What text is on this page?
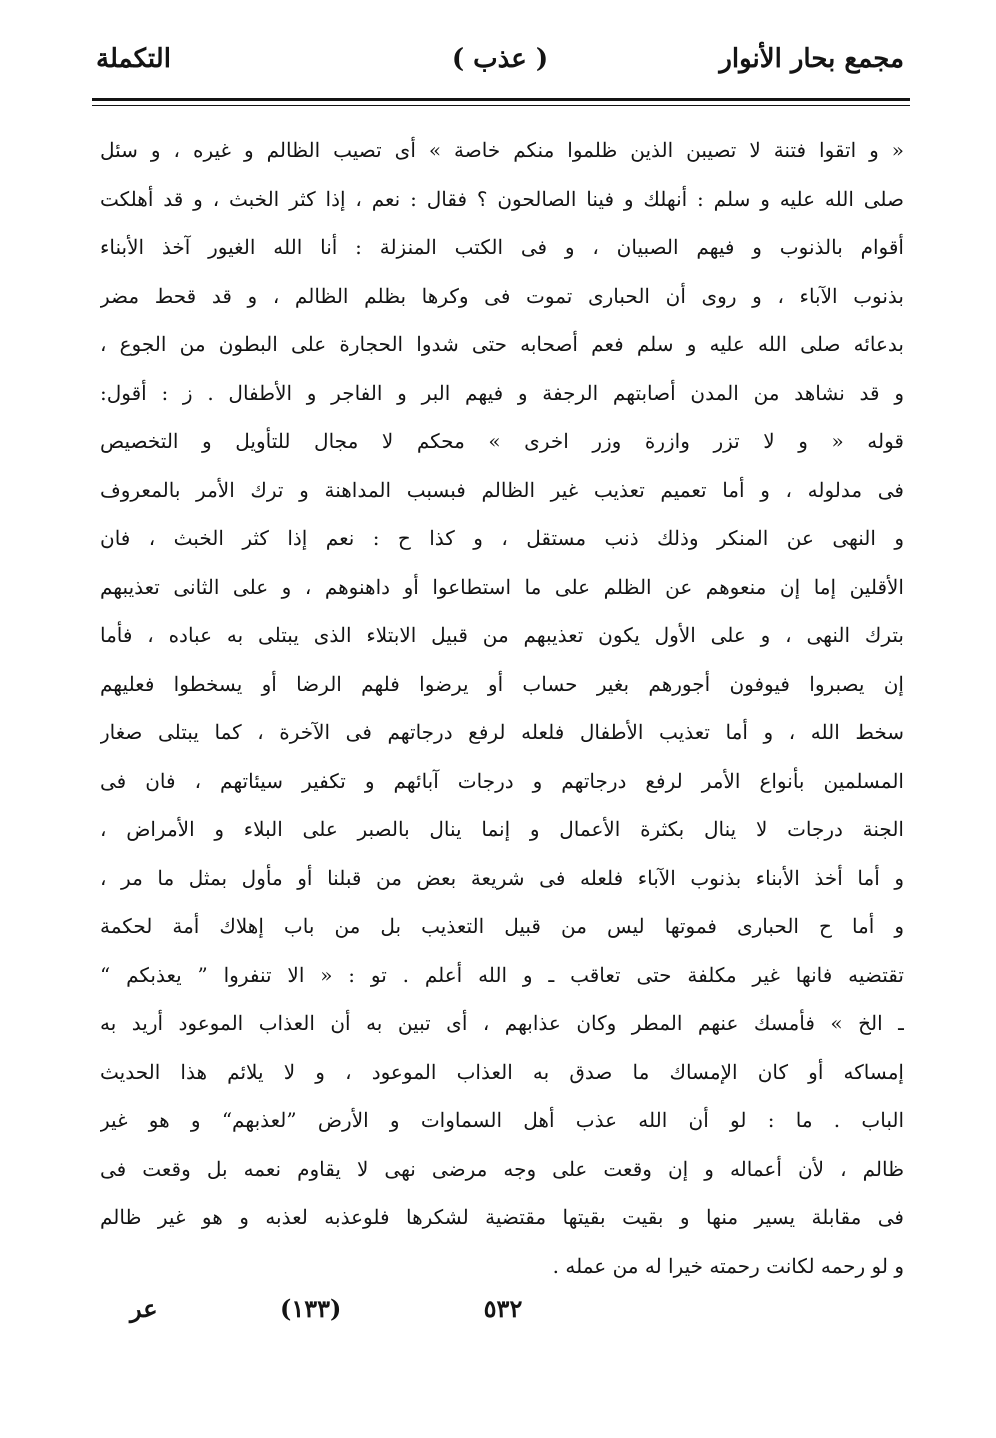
مجمع بحار الأنوار
( عذب )
التكملة
« و اتقوا فتنة لا تصيبن الذين ظلموا منكم خاصة » أى تصيب الظالم و غيره ، و سئل
صلى الله عليه و سلم : أنهلك و فينا الصالحون ؟ فقال : نعم ، إذا كثر الخبث ، و قد أهلكت
أقوام بالذنوب و فيهم الصبيان ، و فى الكتب المنزلة : أنا الله الغيور آخذ الأبناء
بذنوب الآباء ، و روى أن الحبارى تموت فى وكرها بظلم الظالم ، و قد قحط مضر
بدعائه صلى الله عليه و سلم فعم أصحابه حتى شدوا الحجارة على البطون من الجوع ،
و قد نشاهد من المدن أصابتهم الرجفة و فيهم البر و الفاجر و الأطفال . ز : أقول:
قوله « و لا تزر وازرة وزر اخرى » محكم لا مجال للتأويل و التخصيص
فى مدلوله ، و أما تعميم تعذيب غير الظالم فبسبب المداهنة و ترك الأمر بالمعروف
و النهى عن المنكر وذلك ذنب مستقل ، و كذا ح : نعم إذا كثر الخبث ، فان
الأقلين إما إن منعوهم عن الظلم على ما استطاعوا أو داهنوهم ، و على الثانى تعذيبهم
بترك النهى ، و على الأول يكون تعذيبهم من قبيل الابتلاء الذى يبتلى به عباده ، فأما
إن يصبروا فيوفون أجورهم بغير حساب أو يرضوا فلهم الرضا أو يسخطوا فعليهم
سخط الله ، و أما تعذيب الأطفال فلعله لرفع درجاتهم فى الآخرة ، كما يبتلى صغار
المسلمين بأنواع الأمر لرفع درجاتهم و درجات آبائهم و تكفير سيئاتهم ، فان فى
الجنة درجات لا ينال بكثرة الأعمال و إنما ينال بالصبر على البلاء و الأمراض ،
و أما أخذ الأبناء بذنوب الآباء فلعله فى شريعة بعض من قبلنا أو مأول بمثل ما مر ،
و أما ح الحبارى فموتها ليس من قبيل التعذيب بل من باب إهلاك أمة لحكمة
تقتضيه فانها غير مكلفة حتى تعاقب ـ و الله أعلم . تو : « الا تنفروا ” يعذبكم “
ـ الخ » فأمسك عنهم المطر وكان عذابهم ، أى تبين به أن العذاب الموعود أريد به
إمساكه أو كان الإمساك ما صدق به العذاب الموعود ، و لا يلائم هذا الحديث
الباب . ما : لو أن الله عذب أهل السماوات و الأرض ”لعذبهم“ و هو غير
ظالم ، لأن أعماله و إن وقعت على وجه مرضى نهى لا يقاوم نعمه بل وقعت فى
فى مقابلة يسير منها و بقيت بقيتها مقتضية لشكرها فلوعذبه لعذبه و هو غير ظالم
و لو رحمه لكانت رحمته خيرا له من عمله .
عر	(١٣٣)	٥٣٢
